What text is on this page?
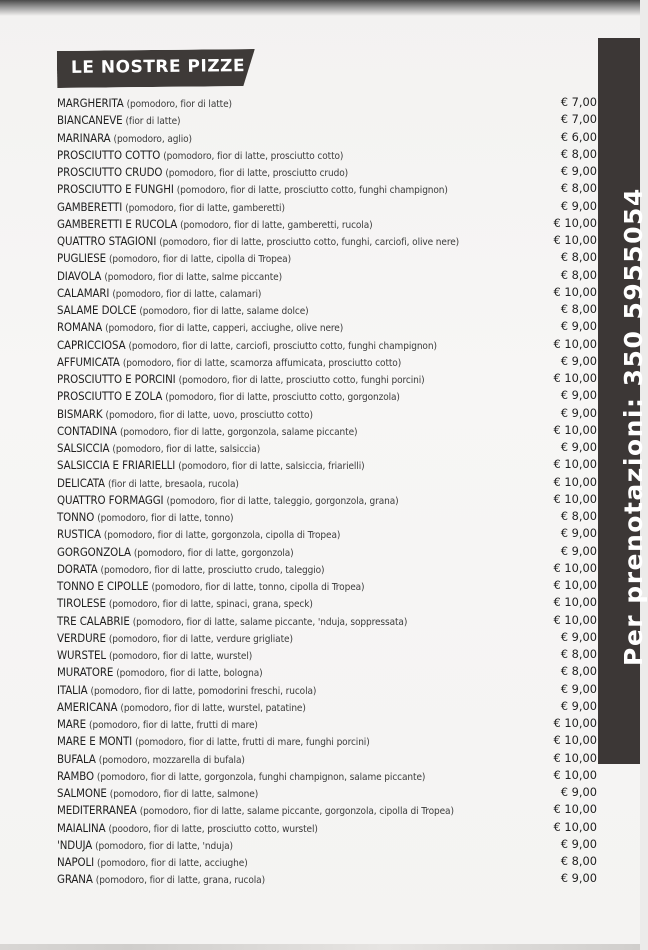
LE NOSTRE PIZZE
Per prenotazioni: 350 5955054
MARGHERITA (pomodoro, fior di latte)	€ 7,00
BIANCANEVE (fior di latte)	€ 7,00
MARINARA (pomodoro, aglio)	€ 6,00
PROSCIUTTO COTTO (pomodoro, fior di latte, prosciutto cotto)	€ 8,00
PROSCIUTTO CRUDO (pomodoro, fior di latte, prosciutto crudo)	€ 9,00
PROSCIUTTO E FUNGHI (pomodoro, fior di latte, prosciutto cotto, funghi champignon)	€ 8,00
GAMBERETTI (pomodoro, fior di latte, gamberetti)	€ 9,00
GAMBERETTI E RUCOLA (pomodoro, fior di latte, gamberetti, rucola)	€ 10,00
QUATTRO STAGIONI (pomodoro, fior di latte, prosciutto cotto, funghi, carciofi, olive nere)	€ 10,00
PUGLIESE (pomodoro, fior di latte, cipolla di Tropea)	€ 8,00
DIAVOLA (pomodoro, fior di latte, salme piccante)	€ 8,00
CALAMARI (pomodoro, fior di latte, calamari)	€ 10,00
SALAME DOLCE (pomodoro, fior di latte, salame dolce)	€ 8,00
ROMANA (pomodoro, fior di latte, capperi, acciughe, olive nere)	€ 9,00
CAPRICCIOSA (pomodoro, fior di latte, carciofi, prosciutto cotto, funghi champignon)	€ 10,00
AFFUMICATA (pomodoro, fior di latte, scamorza affumicata, prosciutto cotto)	€ 9,00
PROSCIUTTO E PORCINI (pomodoro, fior di latte, prosciutto cotto, funghi porcini)	€ 10,00
PROSCIUTTO E ZOLA (pomodoro, fior di latte, prosciutto cotto, gorgonzola)	€ 9,00
BISMARK (pomodoro, fior di latte, uovo, prosciutto cotto)	€ 9,00
CONTADINA (pomodoro, fior di latte, gorgonzola, salame piccante)	€ 10,00
SALSICCIA (pomodoro, fior di latte, salsiccia)	€ 9,00
SALSICCIA E FRIARIELLI (pomodoro, fior di latte, salsiccia, friarielli)	€ 10,00
DELICATA (fior di latte, bresaola, rucola)	€ 10,00
QUATTRO FORMAGGI (pomodoro, fior di latte, taleggio, gorgonzola, grana)	€ 10,00
TONNO (pomodoro, fior di latte, tonno)	€ 8,00
RUSTICA (pomodoro, fior di latte, gorgonzola, cipolla di Tropea)	€ 9,00
GORGONZOLA (pomodoro, fior di latte, gorgonzola)	€ 9,00
DORATA (pomodoro, fior di latte, prosciutto crudo, taleggio)	€ 10,00
TONNO E CIPOLLE (pomodoro, fior di latte, tonno, cipolla di Tropea)	€ 10,00
TIROLESE (pomodoro, fior di latte, spinaci, grana, speck)	€ 10,00
TRE CALABRIE (pomodoro, fior di latte, salame piccante, 'nduja, soppressata)	€ 10,00
VERDURE (pomodoro, fior di latte, verdure grigliate)	€ 9,00
WURSTEL (pomodoro, fior di latte, wurstel)	€ 8,00
MURATORE (pomodoro, fior di latte, bologna)	€ 8,00
ITALIA (pomodoro, fior di latte, pomodorini freschi, rucola)	€ 9,00
AMERICANA (pomodoro, fior di latte, wurstel, patatine)	€ 9,00
MARE (pomodoro, fior di latte, frutti di mare)	€ 10,00
MARE E MONTI (pomodoro, fior di latte, frutti di mare, funghi porcini)	€ 10,00
BUFALA (pomodoro, mozzarella di bufala)	€ 10,00
RAMBO (pomodoro, fior di latte, gorgonzola, funghi champignon, salame piccante)	€ 10,00
SALMONE (pomodoro, fior di latte, salmone)	€ 9,00
MEDITERRANEA (pomodoro, fior di latte, salame piccante, gorgonzola, cipolla di Tropea)	€ 10,00
MAIALINA (poodoro, fior di latte, prosciutto cotto, wurstel)	€ 10,00
'NDUJA (pomodoro, fior di latte, 'nduja)	€ 9,00
NAPOLI (pomodoro, fior di latte, acciughe)	€ 8,00
GRANA (pomodoro, fior di latte, grana, rucola)	€ 9,00
